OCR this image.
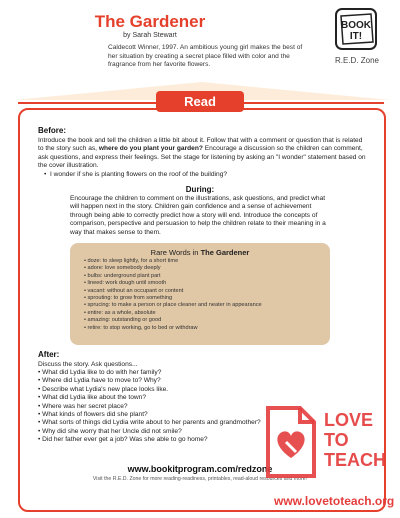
The Gardener
by Sarah Stewart
Caldecott Winner, 1997. An ambitious young girl makes the best of her situation by creating a secret place filled with color and the fragrance from her favorite flowers.
BOOK
IT!
R.E.D. Zone
Read
Before:
Introduce the book and tell the children a little bit about it. Follow that with a comment or question that is related to the story such as, where do you plant your garden? Encourage a discussion so the children can comment, ask questions, and express their feelings. Set the stage for listening by asking an "I wonder" statement based on the cover illustration.
•  I wonder if she is planting flowers on the roof of the building?
During:
Encourage the children to comment on the illustrations, ask questions, and predict what will happen next in the story. Children gain confidence and a sense of achievement through being able to correctly predict how a story will end. Introduce the concepts of comparison, perspective and persuasion to help the children relate to their meaning in a way that makes sense to them.
Rare Words in The Gardener
• doze: to sleep lightly, for a short time
• adore: love somebody deeply
• bulbs: underground plant part
• lineed: work dough until smooth
• vacant: without an occupant or content
• sprouting: to grow from something
• sprucing: to make a person or place cleaner and neater in appearance
• entire: as a whole, absolute
• amazing: outstanding or good
• retire: to stop working, go to bed or withdraw
After:
Discuss the story. Ask questions...
• What did Lydia like to do with her family?
• Where did Lydia have to move to? Why?
• Describe what Lydia's new place looks like.
• What did Lydia like about the town?
• Where was her secret place?
• What kinds of flowers did she plant?
• What sorts of things did Lydia write about to her parents and grandmother?
• Why did she worry that her Uncle did not smile?
• Did her father ever get a job? Was she able to go home?
www.bookitprogram.com/redzone
Visit the R.E.D. Zone for more reading-readiness, printables, read-aloud resources and more!
LOVE
TO
TEACH
www.lovetoteach.org
